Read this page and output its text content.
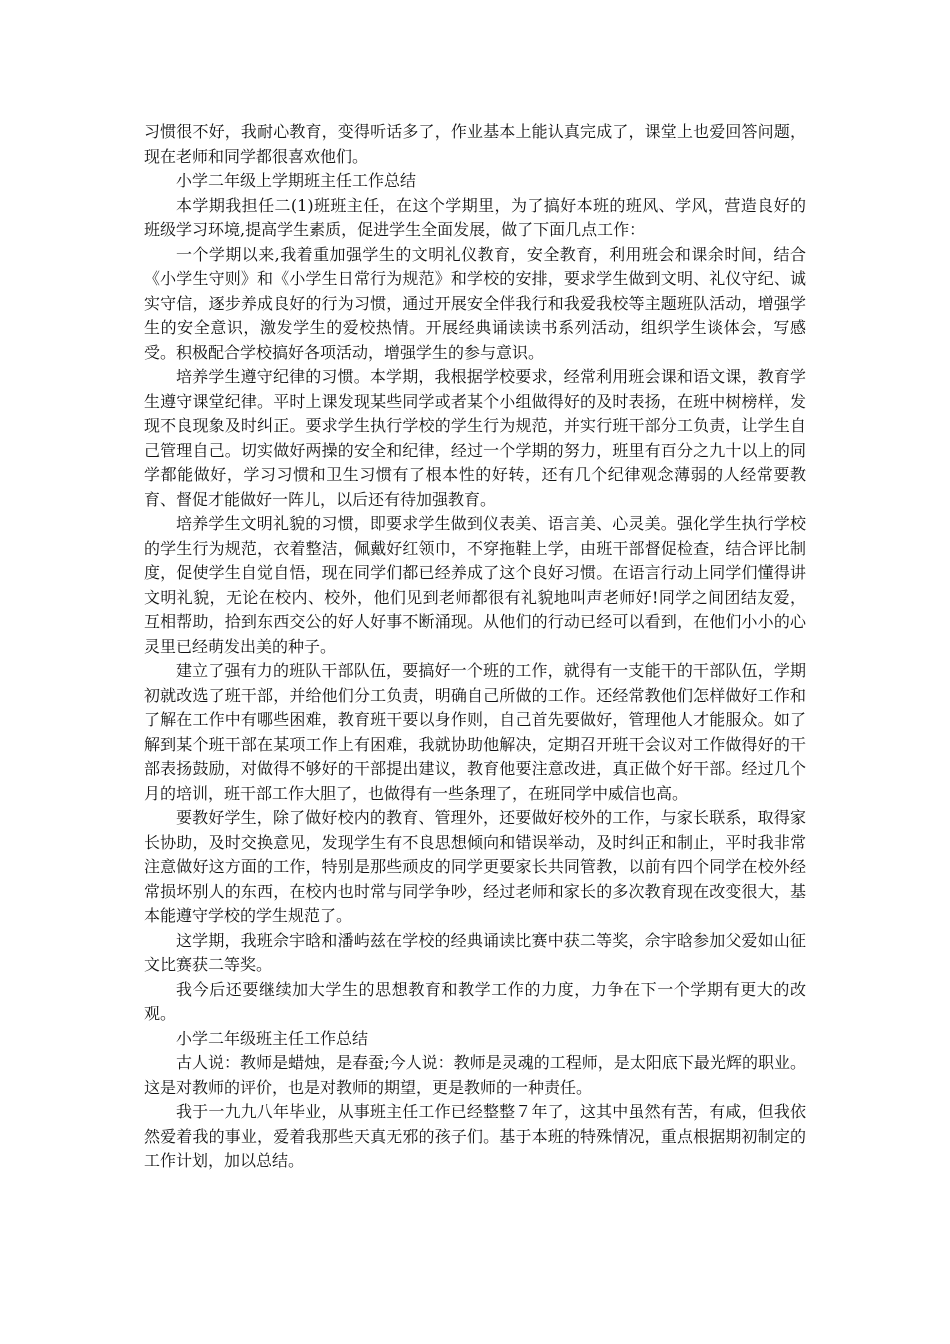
习惯很不好，我耐心教育，变得听话多了，作业基本上能认真完成了，课堂上也爱回答问题，现在老师和同学都很喜欢他们。

小学二年级上学期班主任工作总结

本学期我担任二(1)班班主任，在这个学期里，为了搞好本班的班风、学风，营造良好的班级学习环境,提高学生素质，促进学生全面发展，做了下面几点工作：

一个学期以来,我着重加强学生的文明礼仪教育，安全教育，利用班会和课余时间，结合《小学生守则》和《小学生日常行为规范》和学校的安排，要求学生做到文明、礼仪守纪、诚实守信，逐步养成良好的行为习惯，通过开展安全伴我行和我爱我校等主题班队活动，增强学生的安全意识，激发学生的爱校热情。开展经典诵读读书系列活动，组织学生谈体会，写感受。积极配合学校搞好各项活动，增强学生的参与意识。

培养学生遵守纪律的习惯。本学期，我根据学校要求，经常利用班会课和语文课，教育学生遵守课堂纪律。平时上课发现某些同学或者某个小组做得好的及时表扬，在班中树榜样，发现不良现象及时纠正。要求学生执行学校的学生行为规范，并实行班干部分工负责，让学生自己管理自己。切实做好两操的安全和纪律，经过一个学期的努力，班里有百分之九十以上的同学都能做好，学习习惯和卫生习惯有了根本性的好转，还有几个纪律观念薄弱的人经常要教育、督促才能做好一阵儿，以后还有待加强教育。

培养学生文明礼貌的习惯，即要求学生做到仪表美、语言美、心灵美。强化学生执行学校的学生行为规范，衣着整洁，佩戴好红领巾，不穿拖鞋上学，由班干部督促检查，结合评比制度，促使学生自觉自悟，现在同学们都已经养成了这个良好习惯。在语言行动上同学们懂得讲文明礼貌，无论在校内、校外，他们见到老师都很有礼貌地叫声老师好!同学之间团结友爱，互相帮助，拾到东西交公的好人好事不断涌现。从他们的行动已经可以看到，在他们小小的心灵里已经萌发出美的种子。

建立了强有力的班队干部队伍，要搞好一个班的工作，就得有一支能干的干部队伍，学期初就改选了班干部，并给他们分工负责，明确自己所做的工作。还经常教他们怎样做好工作和了解在工作中有哪些困难，教育班干要以身作则，自己首先要做好，管理他人才能服众。如了解到某个班干部在某项工作上有困难，我就协助他解决，定期召开班干会议对工作做得好的干部表扬鼓励，对做得不够好的干部提出建议，教育他要注意改进，真正做个好干部。经过几个月的培训，班干部工作大胆了，也做得有一些条理了，在班同学中威信也高。

要教好学生，除了做好校内的教育、管理外，还要做好校外的工作，与家长联系，取得家长协助，及时交换意见，发现学生有不良思想倾向和错误举动，及时纠正和制止，平时我非常注意做好这方面的工作，特别是那些顽皮的同学更要家长共同管教，以前有四个同学在校外经常损坏别人的东西，在校内也时常与同学争吵，经过老师和家长的多次教育现在改变很大，基本能遵守学校的学生规范了。

这学期，我班佘宇晗和潘屿兹在学校的经典诵读比赛中获二等奖，佘宇晗参加父爱如山征文比赛获二等奖。

我今后还要继续加大学生的思想教育和教学工作的力度，力争在下一个学期有更大的改观。

小学二年级班主任工作总结

古人说：教师是蜡烛，是春蚕;今人说：教师是灵魂的工程师，是太阳底下最光辉的职业。这是对教师的评价，也是对教师的期望，更是教师的一种责任。

我于一九九八年毕业，从事班主任工作已经整整７年了，这其中虽然有苦，有咸，但我依然爱着我的事业，爱着我那些天真无邪的孩子们。基于本班的特殊情况，重点根据期初制定的工作计划，加以总结。
